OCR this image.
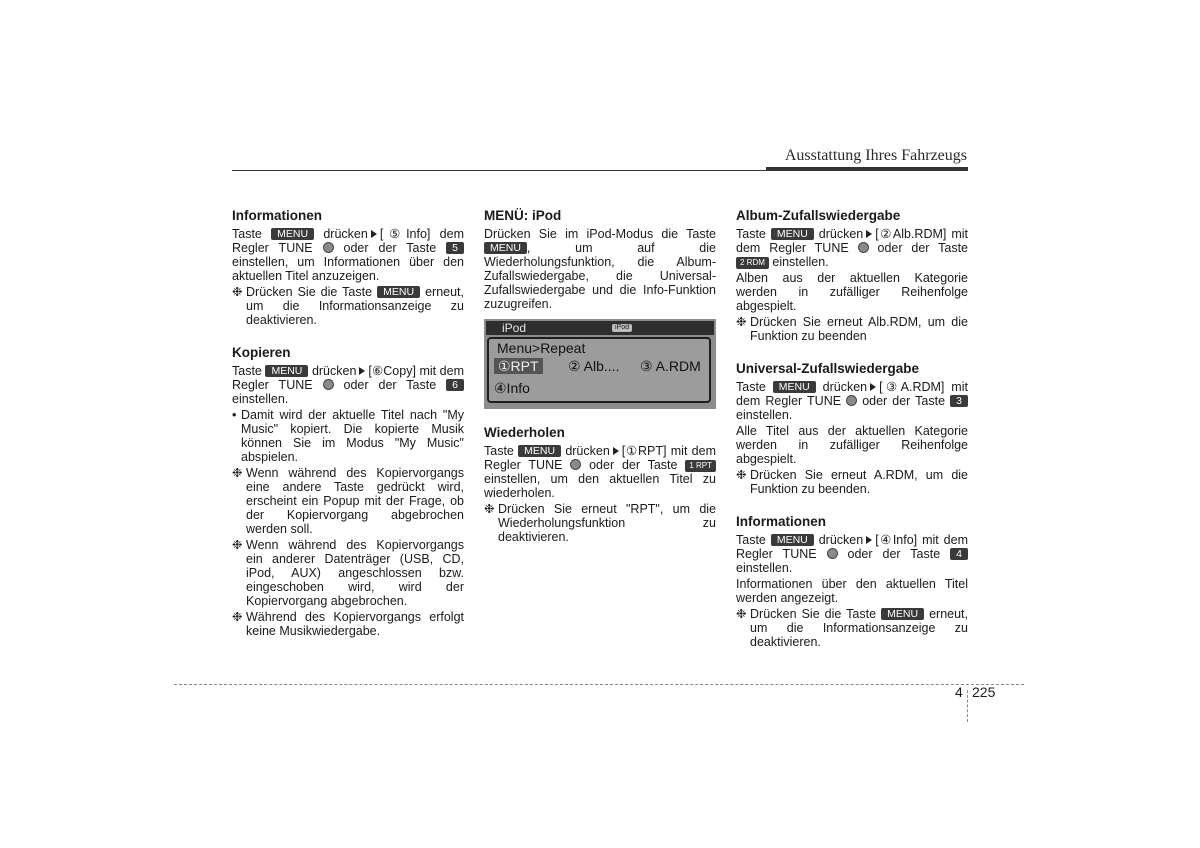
Ausstattung Ihres Fahrzeugs
Informationen

Taste MENU drücken [⑤Info] dem Regler TUNE oder der Taste 5 einstellen, um Informationen über den aktuellen Titel anzuzeigen.

❉ Drücken Sie die Taste MENU erneut, um die Informationsanzeige zu deaktivieren.
Kopieren

Taste MENU drücken [⑥Copy] mit dem Regler TUNE oder der Taste 6 einstellen.

• Damit wird der aktuelle Titel nach "My Music" kopiert. Die kopierte Musik können Sie im Modus "My Music" abspielen.
❉ Wenn während des Kopiervorgangs eine andere Taste gedrückt wird, erscheint ein Popup mit der Frage, ob der Kopiervorgang abgebrochen werden soll.
❉ Wenn während des Kopiervorgangs ein anderer Datenträger (USB, CD, iPod, AUX) angeschlossen bzw. eingeschoben wird, wird der Kopiervorgang abgebrochen.
❉ Während des Kopiervorgangs erfolgt keine Musikwiedergabe.
MENÜ: iPod

Drücken Sie im iPod-Modus die Taste MENU , um auf die Wiederholungsfunktion, die Album-Zufallswiedergabe, die Universal-Zufallswiedergabe und die Info-Funktion zuzugreifen.

iPod	iPod
Menu>Repeat
①RPT ② Alb.... ③ A.RDM
④Info
Wiederholen

Taste MENU drücken [①RPT] mit dem Regler TUNE oder der Taste 1 RPT einstellen, um den aktuellen Titel zu wiederholen.

❉ Drücken Sie erneut "RPT", um die Wiederholungsfunktion zu deaktivieren.
Album-Zufallswiedergabe

Taste MENU drücken [②Alb.RDM] mit dem Regler TUNE oder der Taste 2 RDM einstellen.

Alben aus der aktuellen Kategorie werden in zufälliger Reihenfolge abgespielt.

❉ Drücken Sie erneut Alb.RDM, um die Funktion zu beenden
Universal-Zufallswiedergabe

Taste MENU drücken [③A.RDM] mit dem Regler TUNE oder der Taste 3 einstellen.

Alle Titel aus der aktuellen Kategorie werden in zufälliger Reihenfolge abgespielt.

❉ Drücken Sie erneut A.RDM, um die Funktion zu beenden.
Informationen

Taste MENU drücken [④Info] mit dem Regler TUNE oder der Taste 4 einstellen.

Informationen über den aktuellen Titel werden angezeigt.

❉ Drücken Sie die Taste MENU erneut, um die Informationsanzeige zu deaktivieren.
4 225
